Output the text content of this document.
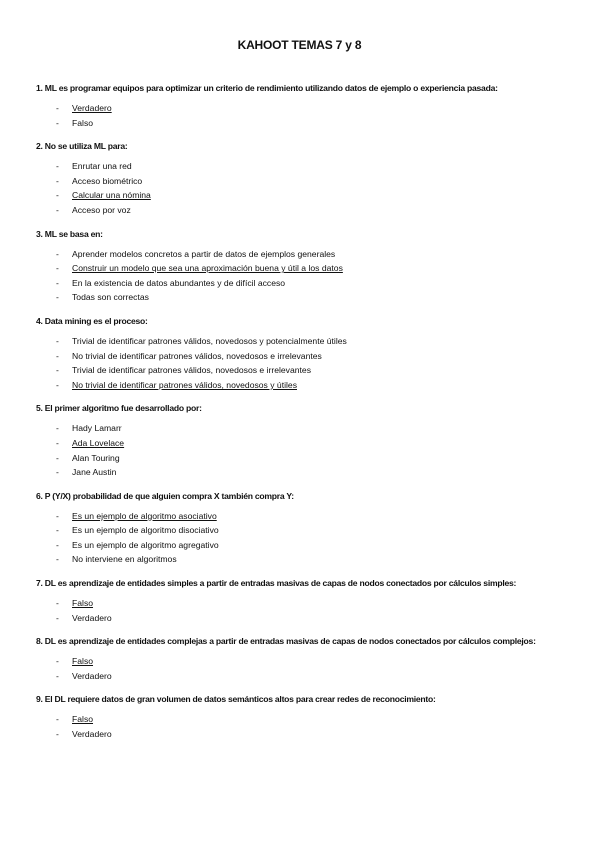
KAHOOT TEMAS 7 y 8

1. ML es programar equipos para optimizar un criterio de rendimiento utilizando datos de ejemplo o experiencia pasada:

- Verdadero
- Falso

2. No se utiliza ML para:

- Enrutar una red
- Acceso biométrico
- Calcular una nómina
- Acceso por voz

3. ML se basa en:

- Aprender modelos concretos a partir de datos de ejemplos generales
- Construir un modelo que sea una aproximación buena y útil a los datos
- En la existencia de datos abundantes y de difícil acceso
- Todas son correctas

4. Data mining es el proceso:

- Trivial de identificar patrones válidos, novedosos y potencialmente útiles
- No trivial de identificar patrones válidos, novedosos e irrelevantes
- Trivial de identificar patrones válidos, novedosos e irrelevantes
- No trivial de identificar patrones válidos, novedosos y útiles

5. El primer algoritmo fue desarrollado por:

- Hady Lamarr
- Ada Lovelace
- Alan Touring
- Jane Austin

6. P (Y/X) probabilidad de que alguien compra X también compra Y:

- Es un ejemplo de algoritmo asociativo
- Es un ejemplo de algoritmo disociativo
- Es un ejemplo de algoritmo agregativo
- No interviene en algoritmos

7. DL es aprendizaje de entidades simples a partir de entradas masivas de capas de nodos conectados por cálculos simples:

- Falso
- Verdadero

8. DL es aprendizaje de entidades complejas a partir de entradas masivas de capas de nodos conectados por cálculos complejos:

- Falso
- Verdadero

9. El DL requiere datos de gran volumen de datos semánticos altos para crear redes de reconocimiento:

- Falso
- Verdadero
